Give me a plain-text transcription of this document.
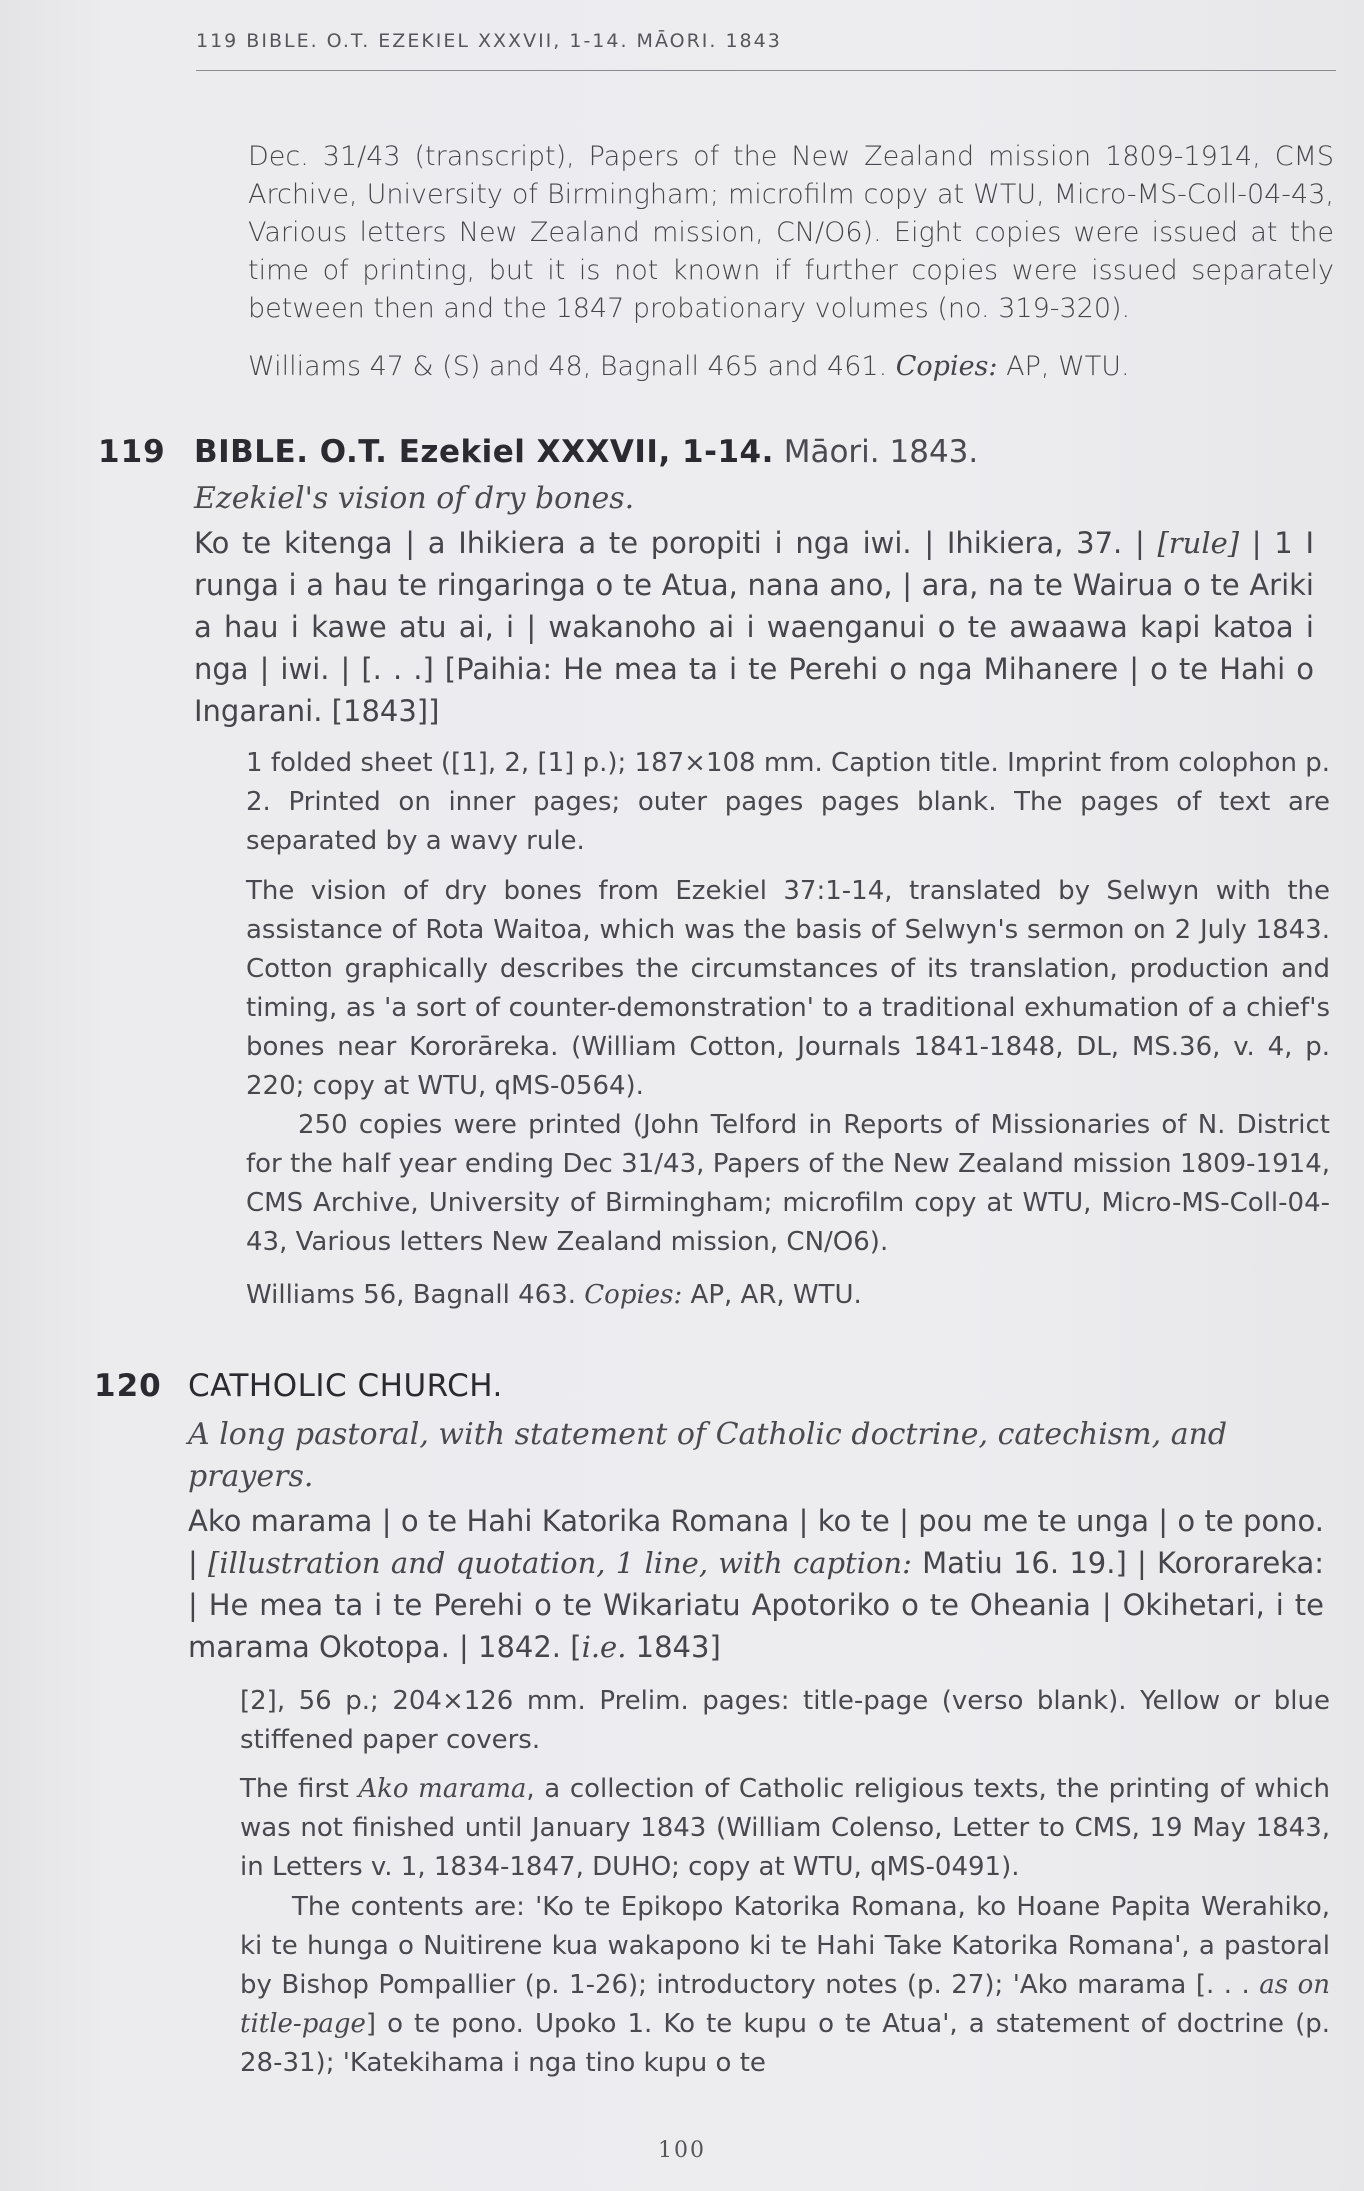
119 BIBLE. O.T. EZEKIEL XXXVII, 1-14. MĀORI. 1843
Dec. 31/43 (transcript), Papers of the New Zealand mission 1809-1914, CMS Archive, University of Birmingham; microfilm copy at WTU, Micro-MS-Coll-04-43, Various letters New Zealand mission, CN/O6). Eight copies were issued at the time of printing, but it is not known if further copies were issued separately between then and the 1847 probationary volumes (no. 319-320).
Williams 47 & (S) and 48, Bagnall 465 and 461. Copies: AP, WTU.
119 BIBLE. O.T. Ezekiel XXXVII, 1-14. Māori. 1843.
Ezekiel's vision of dry bones.
Ko te kitenga | a Ihikiera a te poropiti i nga iwi. | Ihikiera, 37. | [rule] | 1 I runga i a hau te ringaringa o te Atua, nana ano, | ara, na te Wairua o te Ariki a hau i kawe atu ai, i | wakanoho ai i waenganui o te awaawa kapi katoa i nga | iwi. | [. . .] [Paihia: He mea ta i te Perehi o nga Mihanere | o te Hahi o Ingarani. [1843]]
1 folded sheet ([1], 2, [1] p.); 187×108 mm. Caption title. Imprint from colophon p. 2. Printed on inner pages; outer pages pages blank. The pages of text are separated by a wavy rule.
The vision of dry bones from Ezekiel 37:1-14, translated by Selwyn with the assistance of Rota Waitoa, which was the basis of Selwyn's sermon on 2 July 1843. Cotton graphically describes the circumstances of its translation, production and timing, as 'a sort of counter-demonstration' to a traditional exhumation of a chief's bones near Kororāreka. (William Cotton, Journals 1841-1848, DL, MS.36, v. 4, p. 220; copy at WTU, qMS-0564).
250 copies were printed (John Telford in Reports of Missionaries of N. District for the half year ending Dec 31/43, Papers of the New Zealand mission 1809-1914, CMS Archive, University of Birmingham; microfilm copy at WTU, Micro-MS-Coll-04-43, Various letters New Zealand mission, CN/O6).
Williams 56, Bagnall 463. Copies: AP, AR, WTU.
120 CATHOLIC CHURCH.
A long pastoral, with statement of Catholic doctrine, catechism, and prayers.
Ako marama | o te Hahi Katorika Romana | ko te | pou me te unga | o te pono. | [illustration and quotation, 1 line, with caption: Matiu 16. 19.] | Kororareka: | He mea ta i te Perehi o te Wikariatu Apotoriko o te Oheania | Okihetari, i te marama Okotopa. | 1842. [i.e. 1843]
[2], 56 p.; 204×126 mm. Prelim. pages: title-page (verso blank). Yellow or blue stiffened paper covers.
The first Ako marama, a collection of Catholic religious texts, the printing of which was not finished until January 1843 (William Colenso, Letter to CMS, 19 May 1843, in Letters v. 1, 1834-1847, DUHO; copy at WTU, qMS-0491).
The contents are: 'Ko te Epikopo Katorika Romana, ko Hoane Papita Werahiko, ki te hunga o Nuitirene kua wakapono ki te Hahi Take Katorika Romana', a pastoral by Bishop Pompallier (p. 1-26); introductory notes (p. 27); 'Ako marama [. . . as on title-page] o te pono. Upoko 1. Ko te kupu o te Atua', a statement of doctrine (p. 28-31); 'Katekihama i nga tino kupu o te
100
